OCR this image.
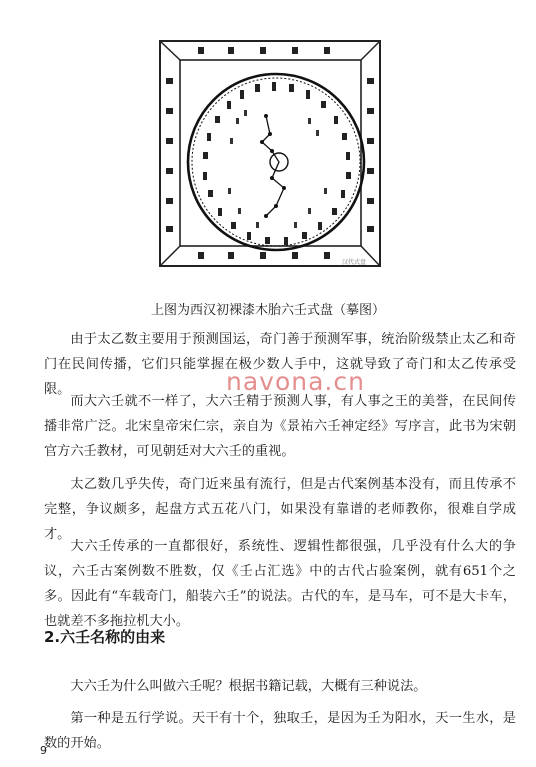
汉代式盘
上图为西汉初裸漆木胎六壬式盘（摹图）

由于太乙数主要用于预测国运，奇门善于预测军事，统治阶级禁止太乙和奇门在民间传播，它们只能掌握在极少数人手中，这就导致了奇门和太乙传承受限。

而大六壬就不一样了，大六壬精于预测人事，有人事之王的美誉，在民间传播非常广泛。北宋皇帝宋仁宗，亲自为《景祐六壬神定经》写序言，此书为宋朝官方六壬教材，可见朝廷对大六壬的重视。

太乙数几乎失传，奇门近来虽有流行，但是古代案例基本没有，而且传承不完整，争议颇多，起盘方式五花八门，如果没有靠谱的老师教你，很难自学成才。

大六壬传承的一直都很好，系统性、逻辑性都很强，几乎没有什么大的争议，六壬古案例数不胜数，仅《壬占汇选》中的古代占验案例，就有651个之多。因此有“车载奇门，船装六壬”的说法。古代的车，是马车，可不是大卡车，也就差不多拖拉机大小。

navona.cn
2.六壬名称的由来

大六壬为什么叫做六壬呢？根据书籍记载，大概有三种说法。

第一种是五行学说。天干有十个，独取壬，是因为壬为阳水，天一生水，是数的开始。

9
